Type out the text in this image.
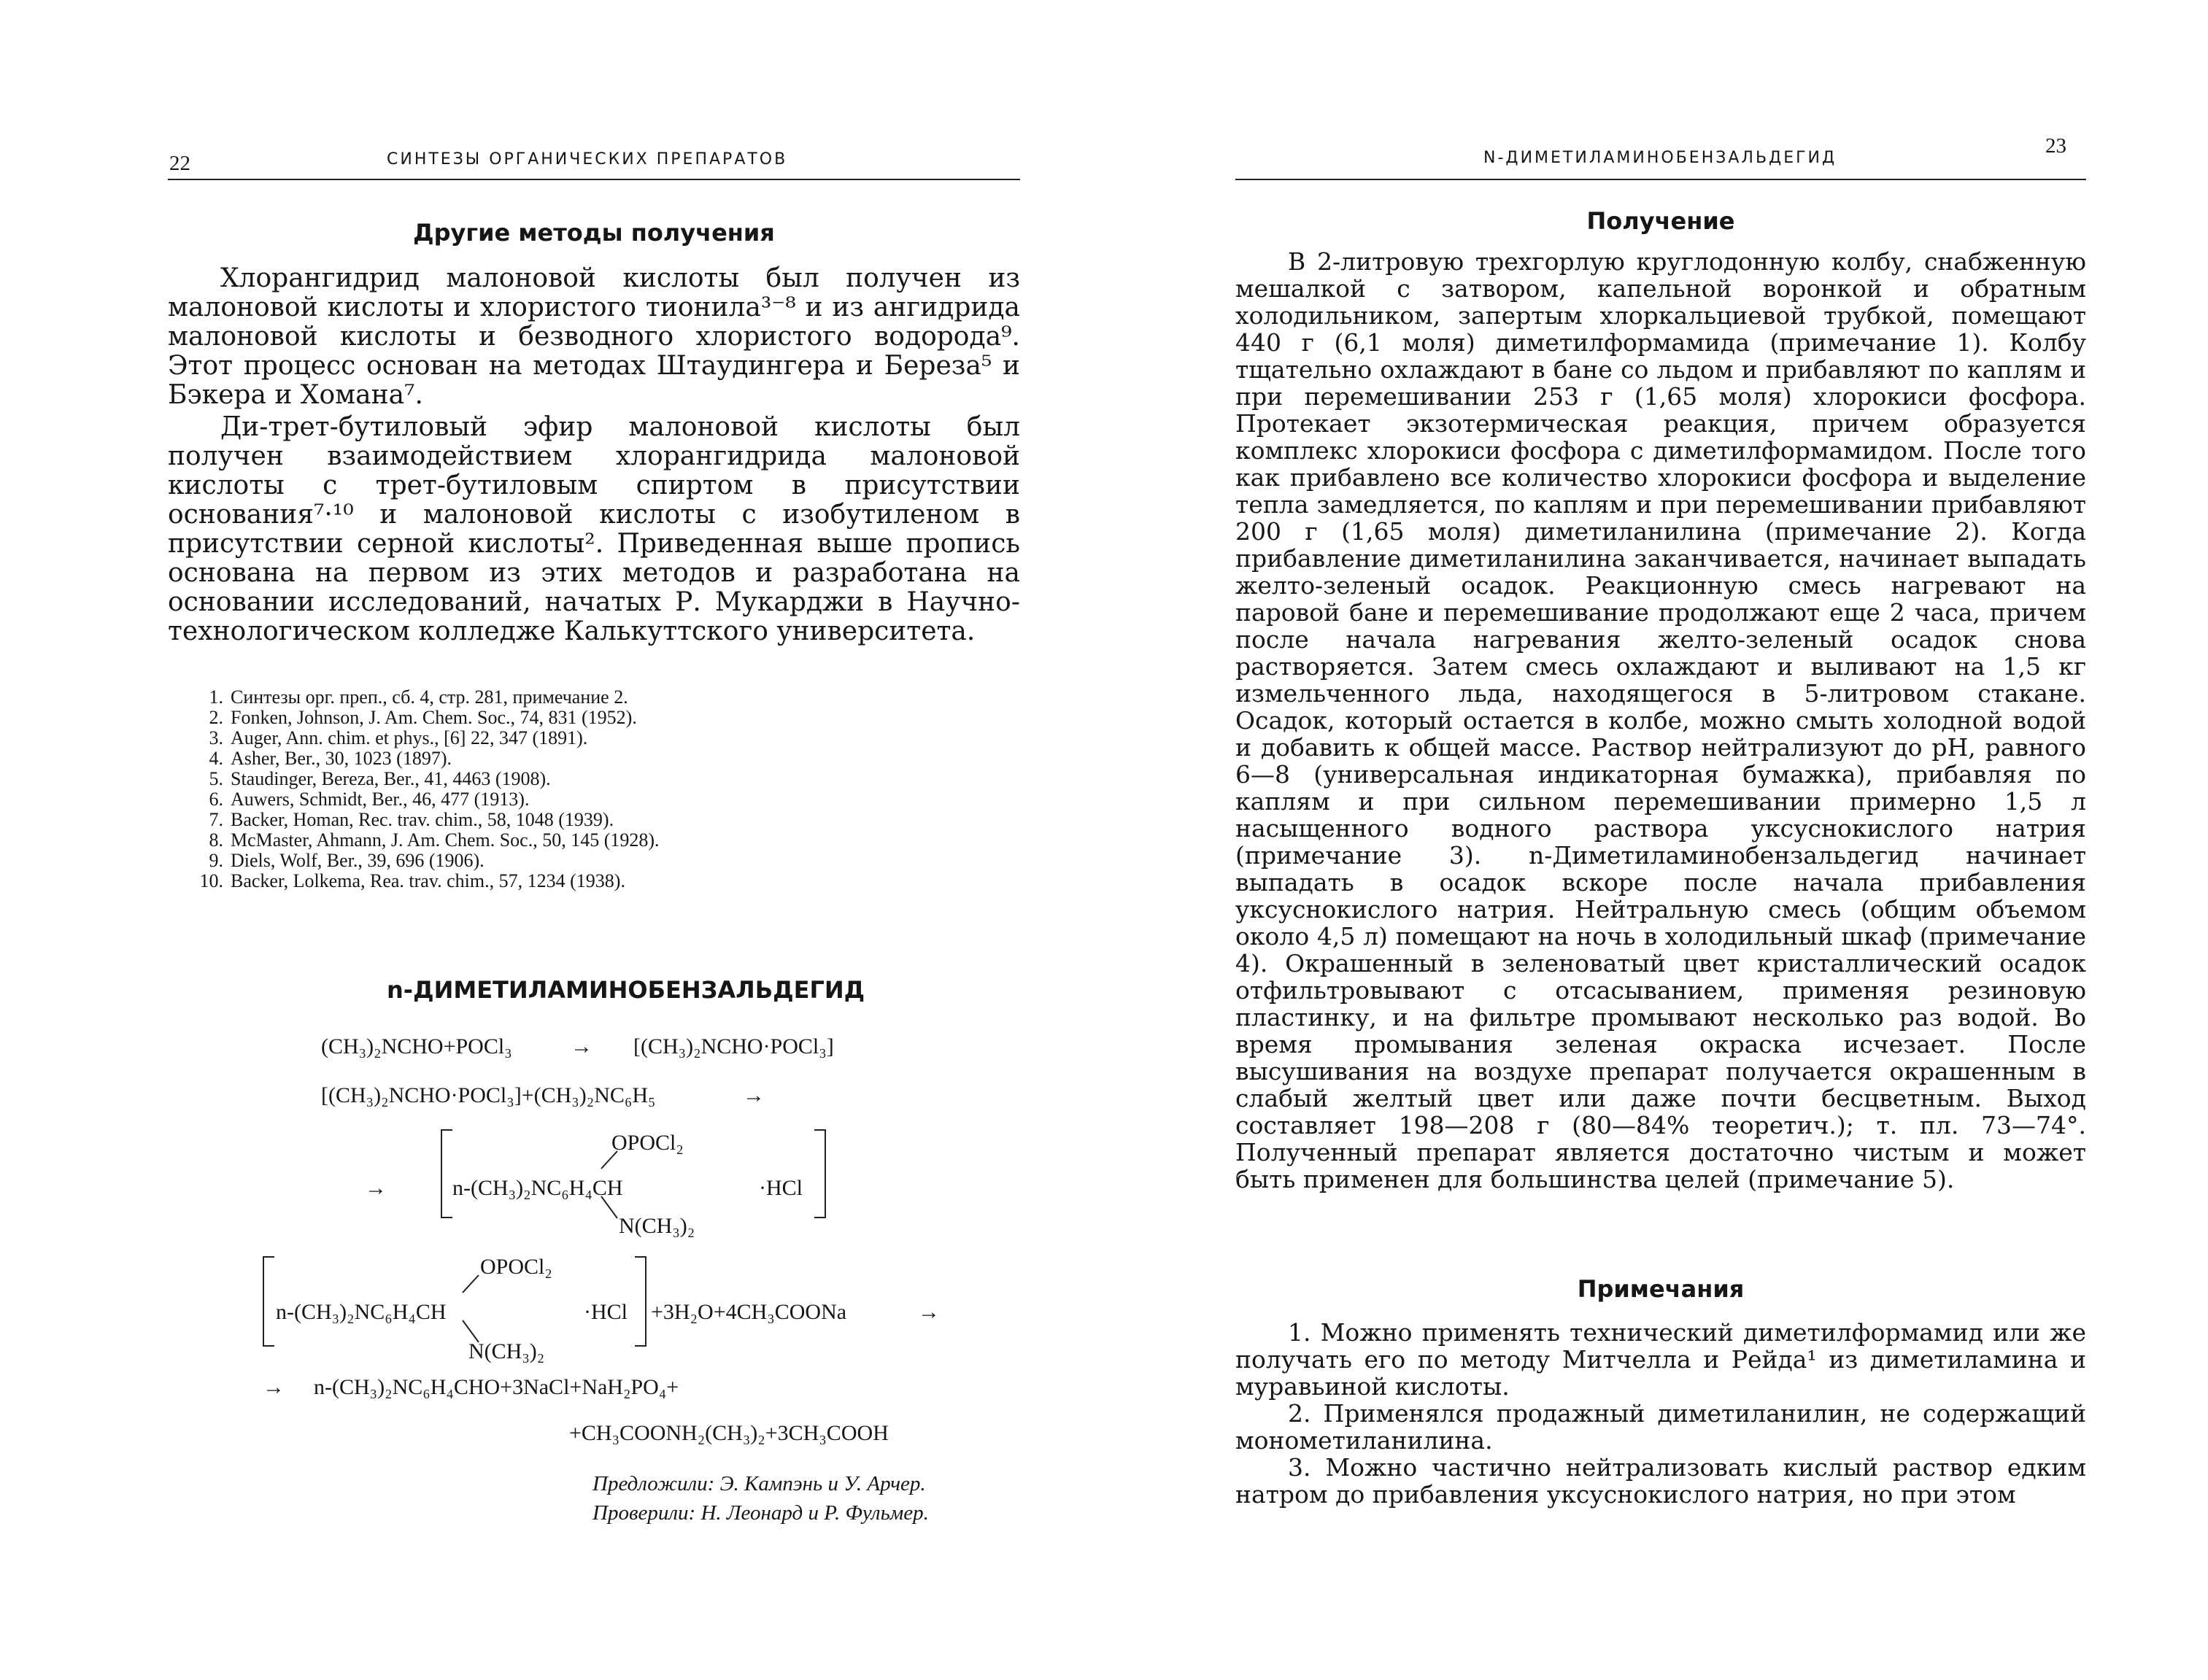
22	СИНТЕЗЫ ОРГАНИЧЕСКИХ ПРЕПАРАТОВ
Другие методы получения

Хлорангидрид малоновой кислоты был получен из малоновой кислоты и хлористого тионила³⁻⁸ и из ангидрида малоновой кислоты и безводного хлористого водорода⁹. Этот процесс основан на методах Штаудингера и Береза⁵ и Бэкера и Хомана⁷.

Ди-трет-бутиловый эфир малоновой кислоты был получен взаимодействием хлорангидрида малоновой кислоты с трет-бутиловым спиртом в присутствии основания⁷·¹⁰ и малоновой кислоты с изобутиленом в присутствии серной кислоты². Приведенная выше пропись основана на первом из этих методов и разработана на основании исследований, начатых Р. Мукарджи в Научно-технологическом колледже Калькуттского университета.

1. Синтезы орг. преп., сб. 4, стр. 281, примечание 2.
2. Fonken, Johnson, J. Am. Chem. Soc., 74, 831 (1952).
3. Auger, Ann. chim. et phys., [6] 22, 347 (1891).
4. Asher, Ber., 30, 1023 (1897).
5. Staudinger, Bereza, Ber., 41, 4463 (1908).
6. Auwers, Schmidt, Ber., 46, 477 (1913).
7. Backer, Homan, Rec. trav. chim., 58, 1048 (1939).
8. McMaster, Ahmann, J. Am. Chem. Soc., 50, 145 (1928).
9. Diels, Wolf, Ber., 39, 696 (1906).
10. Backer, Lolkema, Rea. trav. chim., 57, 1234 (1938).
n-ДИМЕТИЛАМИНОБЕНЗАЛЬДЕГИД
(CH₃)₂NCHO+POCl₃	→ [(CH₃)₂NCHO·POCl₃]
[(CH₃)₂NCHO·POCl₃]+(CH₃)₂NC₆H₅	→
→
OPOCl₂
n-(CH₃)₂NC₆H₄CH	·HCl
N(CH₃)₂
OPOCl₂
n-(CH₃)₂NC₆H₄CH	·HCl
N(CH₃)₂
+3H₂O+4CH₃COONa	→
→ n-(CH₃)₂NC₆H₄CHO+3NaCl+NaH₂PO₄+
+CH₃COONH₂(CH₃)₂+3CH₃COOH
Предложили: Э. Кампэнь и У. Арчер.
Проверили: Н. Леонард и Р. Фульмер.
N-ДИМЕТИЛАМИНОБЕНЗАЛЬДЕГИД
23
Получение

В 2-литровую трехгорлую круглодонную колбу, снабженную мешалкой с затвором, капельной воронкой и обратным холодильником, запертым хлоркальциевой трубкой, помещают 440 г (6,1 моля) диметилформамида (примечание 1). Колбу тщательно охлаждают в бане со льдом и прибавляют по каплям и при перемешивании 253 г (1,65 моля) хлорокиси фосфора. Протекает экзотермическая реакция, причем образуется комплекс хлорокиси фосфора с диметилформамидом. После того как прибавлено все количество хлорокиси фосфора и выделение тепла замедляется, по каплям и при перемешивании прибавляют 200 г (1,65 моля) диметиланилина (примечание 2). Когда прибавление диметиланилина заканчивается, начинает выпадать желто-зеленый осадок. Реакционную смесь нагревают на паровой бане и перемешивание продолжают еще 2 часа, причем после начала нагревания желто-зеленый осадок снова растворяется. Затем смесь охлаждают и выливают на 1,5 кг измельченного льда, находящегося в 5-литровом стакане. Осадок, который остается в колбе, можно смыть холодной водой и добавить к общей массе. Раствор нейтрализуют до pH, равного 6—8 (универсальная индикаторная бумажка), прибавляя по каплям и при сильном перемешивании примерно 1,5 л насыщенного водного раствора уксуснокислого натрия (примечание 3). n-Диметиламинобензальдегид начинает выпадать в осадок вскоре после начала прибавления уксуснокислого натрия. Нейтральную смесь (общим объемом около 4,5 л) помещают на ночь в холодильный шкаф (примечание 4). Окрашенный в зеленоватый цвет кристаллический осадок отфильтровывают с отсасыванием, применяя резиновую пластинку, и на фильтре промывают несколько раз водой. Во время промывания зеленая окраска исчезает. После высушивания на воздухе препарат получается окрашенным в слабый желтый цвет или даже почти бесцветным. Выход составляет 198—208 г (80—84% теоретич.); т. пл. 73—74°. Полученный препарат является достаточно чистым и может быть применен для большинства целей (примечание 5).

Примечания

1. Можно применять технический диметилформамид или же получать его по методу Митчелла и Рейда¹ из диметиламина и муравьиной кислоты.

2. Применялся продажный диметиланилин, не содержащий монометиланилина.

3. Можно частично нейтрализовать кислый раствор едким натром до прибавления уксуснокислого натрия, но при этом
